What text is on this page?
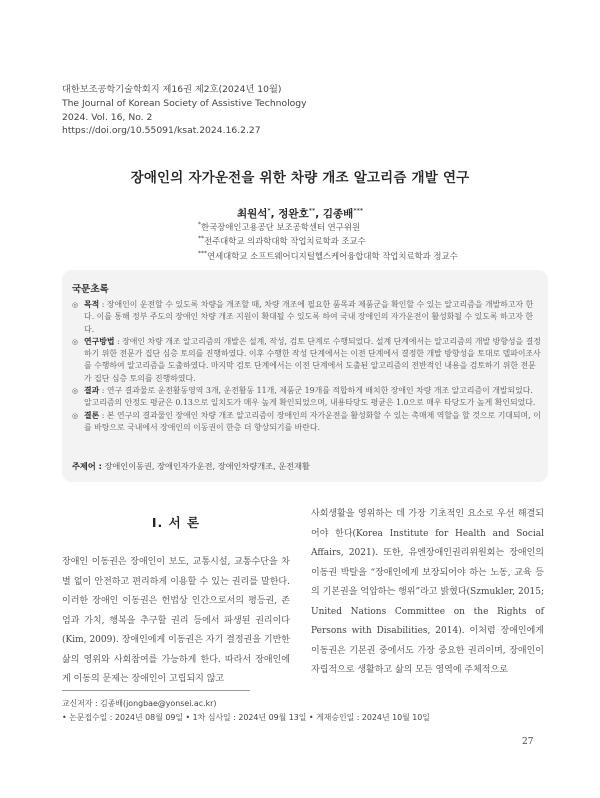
대한보조공학기술학회지 제16권 제2호(2024년 10월)
The Journal of Korean Society of Assistive Technology
2024. Vol. 16, No. 2
https://doi.org/10.55091/ksat.2024.16.2.27
장애인의 자가운전을 위한 차량 개조 알고리즘 개발 연구
최원석*, 정완호**, 김종배***
*한국장애인고용공단 보조공학센터 연구위원
**전주대학교 의과학대학 작업치료학과 조교수
***연세대학교 소프트웨어디지털헬스케어융합대학 작업치료학과 정교수
국문초록
◎ 목적 : 장애인이 운전할 수 있도록 차량을 개조할 때, 차량 개조에 필요한 품목과 제품군을 확인할 수 있는 알고리즘을 개발하고자 한다. 이를 통해 정부 주도의 장애인 차량 개조 지원이 확대될 수 있도록 하여 국내 장애인의 자가운전이 활성화될 수 있도록 하고자 한다.
◎ 연구방법 : 장애인 차량 개조 알고리즘의 개발은 설계, 작성, 검토 단계로 수행되었다. 설계 단계에서는 알고리즘의 개발 방향성을 결정하기 위한 전문가 집단 심층 토의를 진행하였다. 이후 수행한 작성 단계에서는 이전 단계에서 결정한 개발 방향성을 토대로 델파이조사를 수행하여 알고리즘을 도출하였다. 마지막 검토 단계에서는 이전 단계에서 도출된 알고리즘의 전반적인 내용을 검토하기 위한 전문가 집단 심층 토의를 진행하였다.
◎ 결과 : 연구 결과물로 운전활동영역 3개, 운전활동 11개, 제품군 19개를 적합하게 배치한 장애인 차량 개조 알고리즘이 개발되었다. 알고리즘의 안정도 평균은 0.13으로 일치도가 매우 높게 확인되었으며, 내용타당도 평균은 1.0으로 매우 타당도가 높게 확인되었다.
◎ 결론 : 본 연구의 결과물인 장애인 차량 개조 알고리즘이 장애인의 자가운전을 활성화할 수 있는 촉매제 역할을 할 것으로 기대되며, 이를 바탕으로 국내에서 장애인의 이동권이 한층 더 향상되기를 바란다.
주제어 : 장애인이동권, 장애인자가운전, 장애인차량개조, 운전재활
I. 서 론
장애인 이동권은 장애인이 보도, 교통시설, 교통수단을 차별 없이 안전하고 편리하게 이용할 수 있는 권리를 말한다. 이러한 장애인 이동권은 헌법상 인간으로서의 평등권, 존엄과 가치, 행복을 추구할 권리 등에서 파생된 권리이다(Kim, 2009). 장애인에게 이동권은 자기 결정권을 기반한 삶의 영위와 사회참여를 가능하게 한다. 따라서 장애인에게 이동의 문제는 장애인이 고립되지 않고
사회생활을 영위하는 데 가장 기초적인 요소로 우선 해결되어야 한다(Korea Institute for Health and Social Affairs, 2021). 또한, 유엔장애인권리위원회는 장애인의 이동권 박탈을 “장애인에게 보장되어야 하는 노동, 교육 등의 기본권을 억압하는 행위”라고 밝혔다(Szmukler, 2015; United Nations Committee on the Rights of Persons with Disabilities, 2014). 이처럼 장애인에게 이동권은 기본권 중에서도 가장 중요한 권리이며, 장애인이 자립적으로 생활하고 삶의 모든 영역에 주체적으로
교신저자 : 김종배(jongbae@yonsei.ac.kr)
• 논문접수일 : 2024년 08월 09일 • 1차 심사일 : 2024년 09월 13일 • 게재승인일 : 2024년 10월 10일
27
